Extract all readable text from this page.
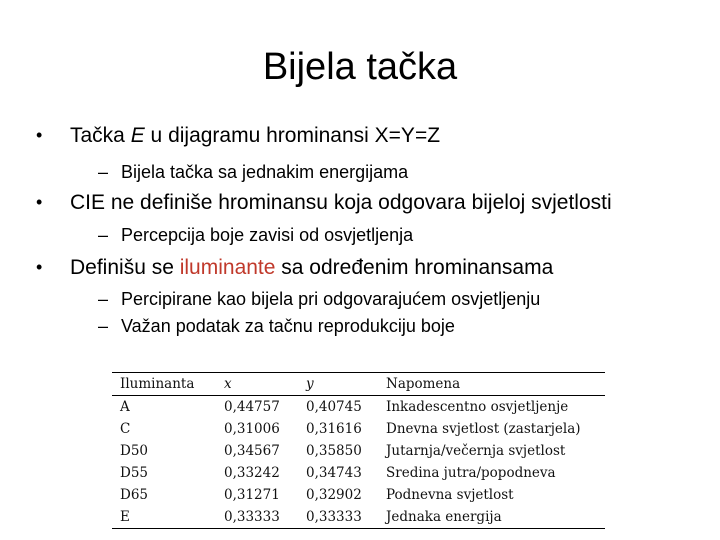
Bijela tačka
• Tačka E u dijagramu hrominansi X=Y=Z
– Bijela tačka sa jednakim energijama
• CIE ne definiše hrominansu koja odgovara bijeloj svjetlosti
– Percepcija boje zavisi od osvjetljenja
• Definišu se iluminante sa određenim hrominansama
– Percipirane kao bijela pri odgovarajućem osvjetljenju
– Važan podatak za tačnu reprodukciju boje
Iluminanta	x	y	Napomena
A	0,44757	0,40745	Inkadescentno osvjetljenje
C	0,31006	0,31616	Dnevna svjetlost (zastarjela)
D50	0,34567	0,35850	Jutarnja/večernja svjetlost
D55	0,33242	0,34743	Sredina jutra/popodneva
D65	0,31271	0,32902	Podnevna svjetlost
E	0,33333	0,33333	Jednaka energija
